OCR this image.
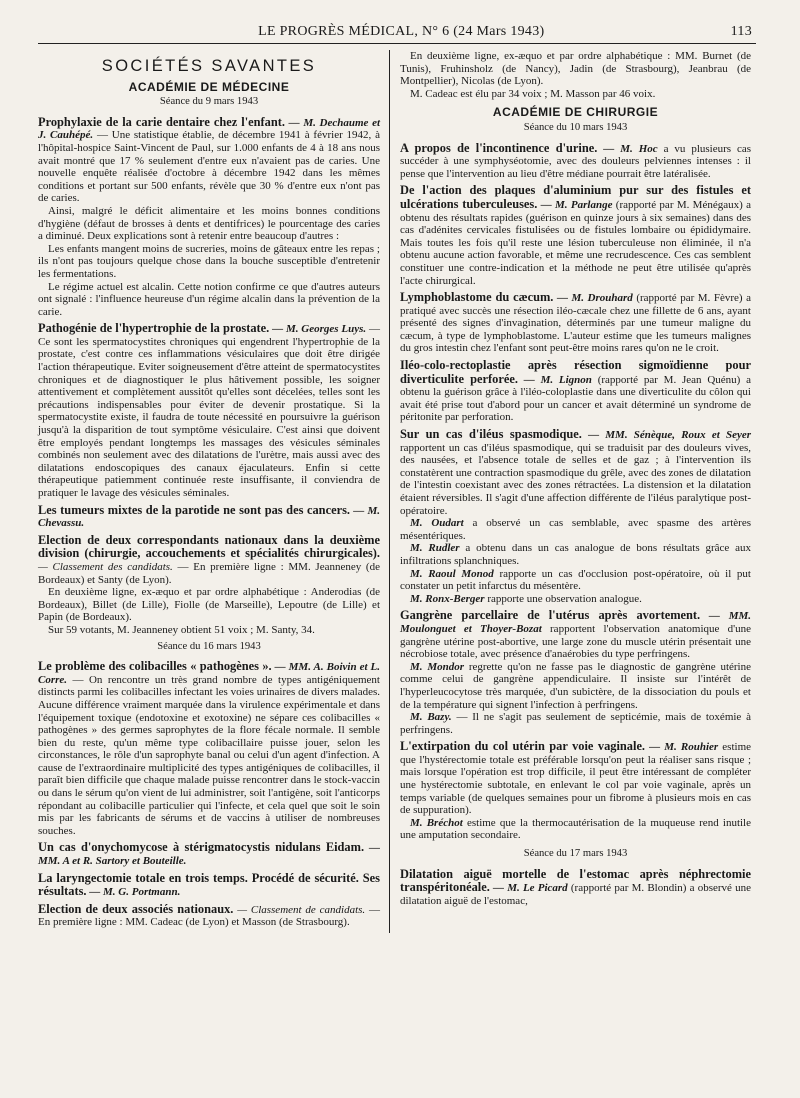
LE PROGRÈS MÉDICAL, N° 6 (24 Mars 1943)	113
SOCIÉTÉS SAVANTES
ACADÉMIE DE MÉDECINE
Séance du 9 mars 1943

Prophylaxie de la carie dentaire chez l'enfant. — M. Dechaume et J. Cauhépé. — Une statistique établie, de décembre 1941 à février 1942, à l'hôpital-hospice Saint-Vincent de Paul, sur 1.000 enfants de 4 à 18 ans nous avait montré que 17 % seulement d'entre eux n'avaient pas de caries. Une nouvelle enquête réalisée d'octobre à décembre 1942 dans les mêmes conditions et portant sur 500 enfants, révèle que 30 % d'entre eux n'ont pas de caries.

Ainsi, malgré le déficit alimentaire et les moins bonnes conditions d'hygiène (défaut de brosses à dents et dentifrices) le pourcentage des caries a diminué. Deux explications sont à retenir entre beaucoup d'autres :

Les enfants mangent moins de sucreries, moins de gâteaux entre les repas ; ils n'ont pas toujours quelque chose dans la bouche susceptible d'entretenir les fermentations.

Le régime actuel est alcalin. Cette notion confirme ce que d'autres auteurs ont signalé : l'influence heureuse d'un régime alcalin dans la prévention de la carie.

Pathogénie de l'hypertrophie de la prostate. — M. Georges Luys. — Ce sont les spermatocystites chroniques qui engendrent l'hypertrophie de la prostate, c'est contre ces inflammations vésiculaires que doit être dirigée l'action thérapeutique. Eviter soigneusement d'être atteint de spermatocystites chroniques et de diagnostiquer le plus hâtivement possible, les soigner attentivement et complètement aussitôt qu'elles sont décelées, telles sont les précautions indispensables pour éviter de devenir prostatique. Si la spermatocystite existe, il faudra de toute nécessité en poursuivre la guérison jusqu'à la disparition de tout symptôme vésiculaire. C'est ainsi que doivent être employés pendant longtemps les massages des vésicules séminales combinés non seulement avec des dilatations de l'urètre, mais aussi avec des dilatations endoscopiques des canaux éjaculateurs. Enfin si cette thérapeutique patiemment continuée reste insuffisante, il conviendra de pratiquer le lavage des vésicules séminales.

Les tumeurs mixtes de la parotide ne sont pas des cancers. — M. Chevassu.

Election de deux correspondants nationaux dans la deuxième division (chirurgie, accouchements et spécialités chirurgicales). — Classement des candidats. — En première ligne : MM. Jeanneney (de Bordeaux) et Santy (de Lyon).

En deuxième ligne, ex-æquo et par ordre alphabétique : Anderodias (de Bordeaux), Billet (de Lille), Fiolle (de Marseille), Lepoutre (de Lille) et Papin (de Bordeaux).

Sur 59 votants, M. Jeanneney obtient 51 voix ; M. Santy, 34.

Séance du 16 mars 1943

Le problème des colibacilles « pathogènes ». — MM. A. Boivin et L. Corre. — On rencontre un très grand nombre de types antigéniquement distincts parmi les colibacilles infectant les voies urinaires de divers malades. Aucune différence vraiment marquée dans la virulence expérimentale et dans l'équipement toxique (endotoxine et exotoxine) ne sépare ces colibacilles « pathogènes » des germes saprophytes de la flore fécale normale. Il semble bien du reste, qu'un même type colibacillaire puisse jouer, selon les circonstances, le rôle d'un saprophyte banal ou celui d'un agent d'infection. A cause de l'extraordinaire multiplicité des types antigéniques de colibacilles, il paraît bien difficile que chaque malade puisse rencontrer dans le stock-vaccin ou dans le sérum qu'on vient de lui administrer, soit l'antigène, soit l'anticorps répondant au colibacille particulier qui l'infecte, et cela quel que soit le soin mis par les fabricants de sérums et de vaccins à utiliser de nombreuses souches.

Un cas d'onychomycose à stérigmatocystis nidulans Eidam. — MM. A et R. Sartory et Bouteille.

La laryngectomie totale en trois temps. Procédé de sécurité. Ses résultats. — M. G. Portmann.

Election de deux associés nationaux. — Classement de candidats. — En première ligne : MM. Cadeac (de Lyon) et Masson (de Strasbourg).

En deuxième ligne, ex-æquo et par ordre alphabétique : MM. Burnet (de Tunis), Fruhinsholz (de Nancy), Jadin (de Strasbourg), Jeanbrau (de Montpellier), Nicolas (de Lyon).

M. Cadeac est élu par 34 voix ; M. Masson par 46 voix.

ACADÉMIE DE CHIRURGIE
Séance du 10 mars 1943

A propos de l'incontinence d'urine. — M. Hoc a vu plusieurs cas succéder à une symphyséotomie, avec des douleurs pelviennes intenses : il pense que l'intervention au lieu d'être médiane pourrait être latéralisée.

De l'action des plaques d'aluminium pur sur des fistules et ulcérations tuberculeuses. — M. Parlange (rapporté par M. Ménégaux) a obtenu des résultats rapides (guérison en quinze jours à six semaines) dans des cas d'adénites cervicales fistulisées ou de fistules lombaire ou épididymaire. Mais toutes les fois qu'il reste une lésion tuberculeuse non éliminée, il n'a obtenu aucune action favorable, et même une recrudescence. Ces cas semblent constituer une contre-indication et la méthode ne peut être utilisée qu'après l'acte chirurgical.

Lymphoblastome du cæcum. — M. Drouhard (rapporté par M. Fèvre) a pratiqué avec succès une résection iléo-cæcale chez une fillette de 6 ans, ayant présenté des signes d'invagination, déterminés par une tumeur maligne du cæcum, à type de lymphoblastome. L'auteur estime que les tumeurs malignes du gros intestin chez l'enfant sont peut-être moins rares qu'on ne le croit.

Iléo-colo-rectoplastie après résection sigmoïdienne pour diverticulite perforée. — M. Lignon (rapporté par M. Jean Quénu) a obtenu la guérison grâce à l'iléo-coloplastie dans une diverticulite du côlon qui avait été prise tout d'abord pour un cancer et avait déterminé un syndrome de péritonite par perforation.

Sur un cas d'iléus spasmodique. — MM. Sénèque, Roux et Seyer rapportent un cas d'iléus spasmodique, qui se traduisit par des douleurs vives, des nausées, et l'absence totale de selles et de gaz ; à l'intervention ils constatèrent une contraction spasmodique du grêle, avec des zones de dilatation de l'intestin coexistant avec des zones rétractées. La distension et la dilatation étaient réversibles. Il s'agit d'une affection différente de l'iléus paralytique post-opératoire.

M. Oudart a observé un cas semblable, avec spasme des artères mésentériques.

M. Rudler a obtenu dans un cas analogue de bons résultats grâce aux infiltrations splanchniques.

M. Raoul Monod rapporte un cas d'occlusion post-opératoire, où il put constater un petit infarctus du mésentère.

M. Ronx-Berger rapporte une observation analogue.

Gangrène parcellaire de l'utérus après avortement. — MM. Moulonguet et Thoyer-Bozat rapportent l'observation anatomique d'une gangrène utérine post-abortive, une large zone du muscle utérin présentait une nécrobiose totale, avec présence d'anaérobies du type perfringens.

M. Mondor regrette qu'on ne fasse pas le diagnostic de gangrène utérine comme celui de gangrène appendiculaire. Il insiste sur l'intérêt de l'hyperleucocytose très marquée, d'un subictère, de la dissociation du pouls et de la température qui signent l'infection à perfringens.

M. Bazy. — Il ne s'agit pas seulement de septicémie, mais de toxémie à perfringens.

L'extirpation du col utérin par voie vaginale. — M. Rouhier estime que l'hystérectomie totale est préférable lorsqu'on peut la réaliser sans risque ; mais lorsque l'opération est trop difficile, il peut être intéressant de compléter une hystérectomie subtotale, en enlevant le col par voie vaginale, après un temps variable (de quelques semaines pour un fibrome à plusieurs mois en cas de suppuration).

M. Bréchot estime que la thermocautérisation de la muqueuse rend inutile une amputation secondaire.

Séance du 17 mars 1943

Dilatation aiguë mortelle de l'estomac après néphrectomie transpéritonéale. — M. Le Picard (rapporté par M. Blondin) a observé une dilatation aiguë de l'estomac,
